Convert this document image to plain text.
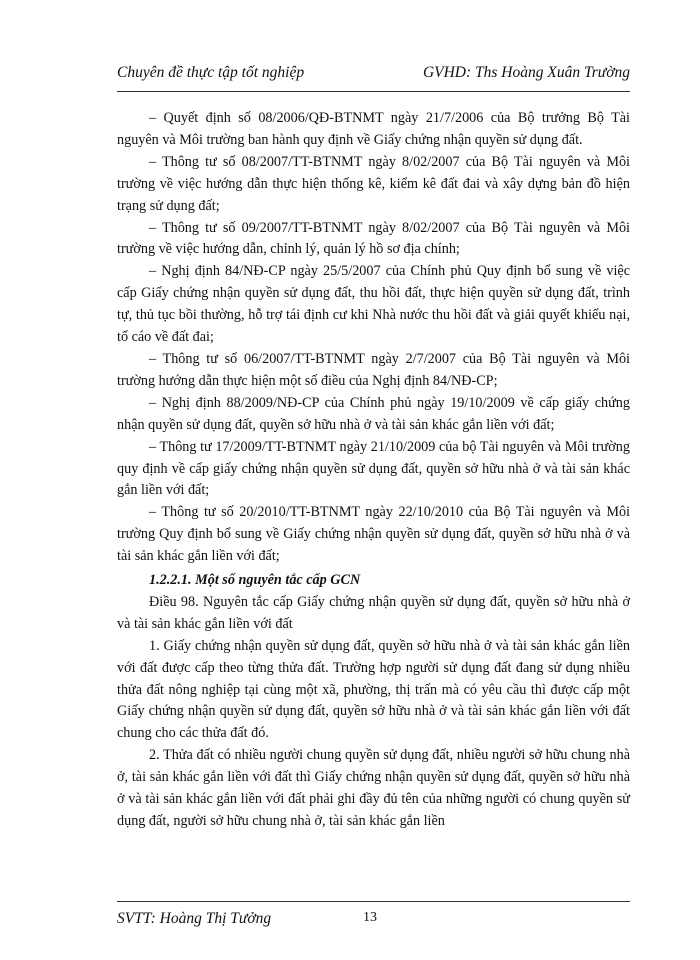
Chuyên đề thực tập tốt nghiệp	GVHD: Ths Hoàng Xuân Trường

– Quyết định số 08/2006/QĐ-BTNMT ngày 21/7/2006 của Bộ trưởng Bộ Tài nguyên và Môi trường ban hành quy định về Giấy chứng nhận quyền sử dụng đất.

– Thông tư số 08/2007/TT-BTNMT ngày 8/02/2007 của Bộ Tài nguyên và Môi trường về việc hướng dẫn thực hiện thống kê, kiểm kê đất đai và xây dựng bản đồ hiện trạng sử dụng đất;

– Thông tư số 09/2007/TT-BTNMT ngày 8/02/2007 của Bộ Tài nguyên và Môi trường về việc hướng dẫn, chỉnh lý, quản lý hồ sơ địa chính;

– Nghị định 84/NĐ-CP ngày 25/5/2007 của Chính phủ Quy định bổ sung về việc cấp Giấy chứng nhận quyền sử dụng đất, thu hồi đất, thực hiện quyền sử dụng đất, trình tự, thủ tục bồi thường, hỗ trợ tái định cư khi Nhà nước thu hồi đất và giải quyết khiếu nại, tố cáo về đất đai;

– Thông tư số 06/2007/TT-BTNMT ngày 2/7/2007 của Bộ Tài nguyên và Môi trường hướng dẫn thực hiện một số điều của Nghị định 84/NĐ-CP;

– Nghị định 88/2009/NĐ-CP của Chính phủ ngày 19/10/2009 về cấp giấy chứng nhận quyền sử dụng đất, quyền sở hữu nhà ở và tài sản khác gắn liền với đất;

– Thông tư 17/2009/TT-BTNMT ngày 21/10/2009 của bộ Tài nguyên và Môi trường quy định về cấp giấy chứng nhận quyền sử dụng đất, quyền sở hữu nhà ở và tài sản khác gắn liền với đất;

– Thông tư số 20/2010/TT-BTNMT ngày 22/10/2010 của Bộ Tài nguyên và Môi trường Quy định bổ sung về Giấy chứng nhận quyền sử dụng đất, quyền sở hữu nhà ở và tài sản khác gắn liền với đất;

1.2.2.1. Một số nguyên tắc cấp GCN

Điều 98. Nguyên tắc cấp Giấy chứng nhận quyền sử dụng đất, quyền sở hữu nhà ở và tài sản khác gắn liền với đất

1. Giấy chứng nhận quyền sử dụng đất, quyền sở hữu nhà ở và tài sản khác gắn liền với đất được cấp theo từng thửa đất. Trường hợp người sử dụng đất đang sử dụng nhiều thửa đất nông nghiệp tại cùng một xã, phường, thị trấn mà có yêu cầu thì được cấp một Giấy chứng nhận quyền sử dụng đất, quyền sở hữu nhà ở và tài sản khác gắn liền với đất chung cho các thửa đất đó.

2. Thửa đất có nhiều người chung quyền sử dụng đất, nhiều người sở hữu chung nhà ở, tài sản khác gắn liền với đất thì Giấy chứng nhận quyền sử dụng đất, quyền sở hữu nhà ở và tài sản khác gắn liền với đất phải ghi đầy đủ tên của những người có chung quyền sử dụng đất, người sở hữu chung nhà ở, tài sản khác gắn liền

SVTT: Hoàng Thị Tưởng	13
